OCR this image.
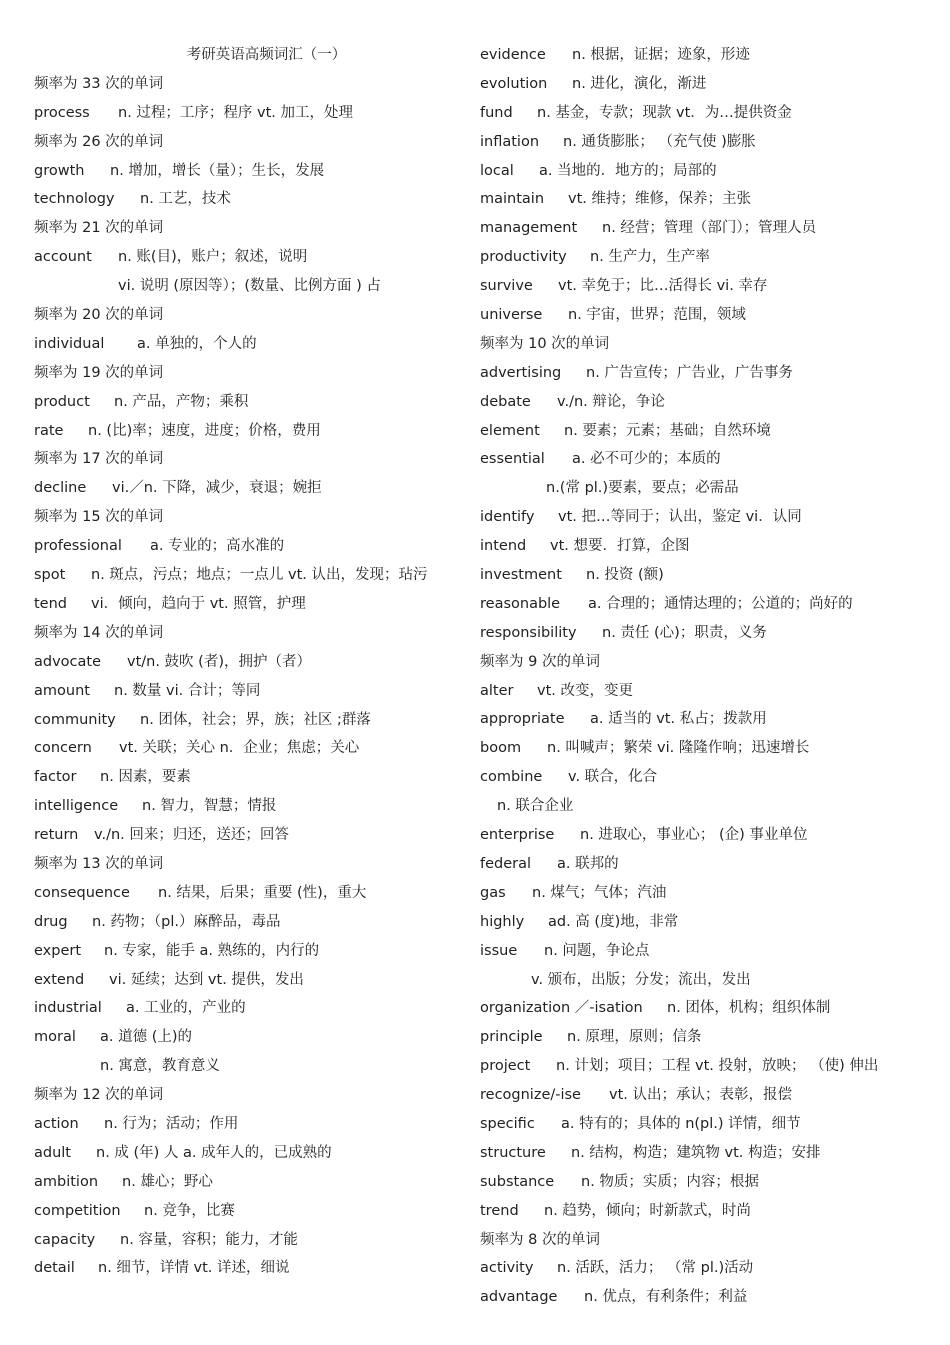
考研英语高频词汇（一）
频率为 33 次的单词
process n. 过程；工序；程序 vt. 加工，处理
频率为 26 次的单词
growth n. 增加，增长（量）；生长，发展
technology n. 工艺，技术
频率为 21 次的单词
account n. 账(目)，账户；叙述，说明
vi. 说明 (原因等）；(数量、比例方面 ) 占
频率为 20 次的单词
individual a. 单独的，个人的
频率为 19 次的单词
product n. 产品，产物；乘积
rate n. (比)率；速度，进度；价格，费用
频率为 17 次的单词
decline vi.／n. 下降，减少，衰退；婉拒
频率为 15 次的单词
professional a. 专业的；高水准的
spot n. 斑点，污点；地点；一点儿 vt. 认出，发现；玷污
tend vi．倾向，趋向于 vt. 照管，护理
频率为 14 次的单词
advocate vt/n. 鼓吹 (者)，拥护（者）
amount n. 数量 vi. 合计；等同
community n. 团体，社会；界，族；社区 ;群落
concern vt. 关联；关心 n．企业；焦虑；关心
factor n. 因素，要素
intelligence n. 智力，智慧；情报
return v./n. 回来；归还，送还；回答
频率为 13 次的单词
consequence n. 结果，后果；重要 (性)，重大
drug n. 药物；（pl.）麻醉品，毒品
expert n. 专家，能手 a. 熟练的，内行的
extend vi. 延续；达到 vt. 提供，发出
industrial a. 工业的，产业的
moral a. 道德 (上)的
n. 寓意，教育意义
频率为 12 次的单词
action n. 行为；活动；作用
adult n. 成 (年) 人 a. 成年人的，已成熟的
ambition n. 雄心；野心
competition n. 竞争，比赛
capacity n. 容量，容积；能力，才能
detail n. 细节，详情 vt. 详述，细说
evidence n. 根据，证据；迹象，形迹
evolution n. 进化，演化，渐进
fund n. 基金，专款；现款 vt．为…提供资金
inflation n. 通货膨胀； （充气使 )膨胀
local a. 当地的．地方的；局部的
maintain vt. 维持；维修，保养；主张
management n. 经营；管理（部门）；管理人员
productivity n. 生产力，生产率
survive vt. 幸免于；比…活得长 vi. 幸存
universe n. 宇宙，世界；范围，领域
频率为 10 次的单词
advertising n. 广告宣传；广告业，广告事务
debate v./n. 辩论，争论
element n. 要素；元素；基础；自然环境
essential a. 必不可少的；本质的
n.(常 pl.)要素，要点；必需品
identify vt. 把…等同于；认出，鉴定 vi．认同
intend vt. 想要．打算，企图
investment n. 投资 (额)
reasonable a. 合理的；通情达理的；公道的；尚好的
responsibility n. 责任 (心)；职责，义务
频率为 9 次的单词
alter vt. 改变，变更
appropriate a. 适当的 vt. 私占；拨款用
boom n. 叫喊声；繁荣 vi. 隆隆作响；迅速增长
combine v. 联合，化合
n. 联合企业
enterprise n. 进取心，事业心； (企) 事业单位
federal a. 联邦的
gas n. 煤气；气体；汽油
highly ad. 高 (度)地，非常
issue n. 问题，争论点
v. 颁布，出版；分发；流出，发出
organization ／-isation n. 团体，机构；组织体制
principle n. 原理，原则；信条
project n. 计划；项目；工程 vt. 投射，放映； （使) 伸出
recognize/-ise vt. 认出；承认；表彰，报偿
specific a. 特有的；具体的 n(pl.) 详情，细节
structure n. 结构，构造；建筑物 vt. 构造；安排
substance n. 物质；实质；内容；根据
trend n. 趋势，倾向；时新款式，时尚
频率为 8 次的单词
activity n. 活跃，活力； （常 pl.)活动
advantage n. 优点，有利条件；利益
